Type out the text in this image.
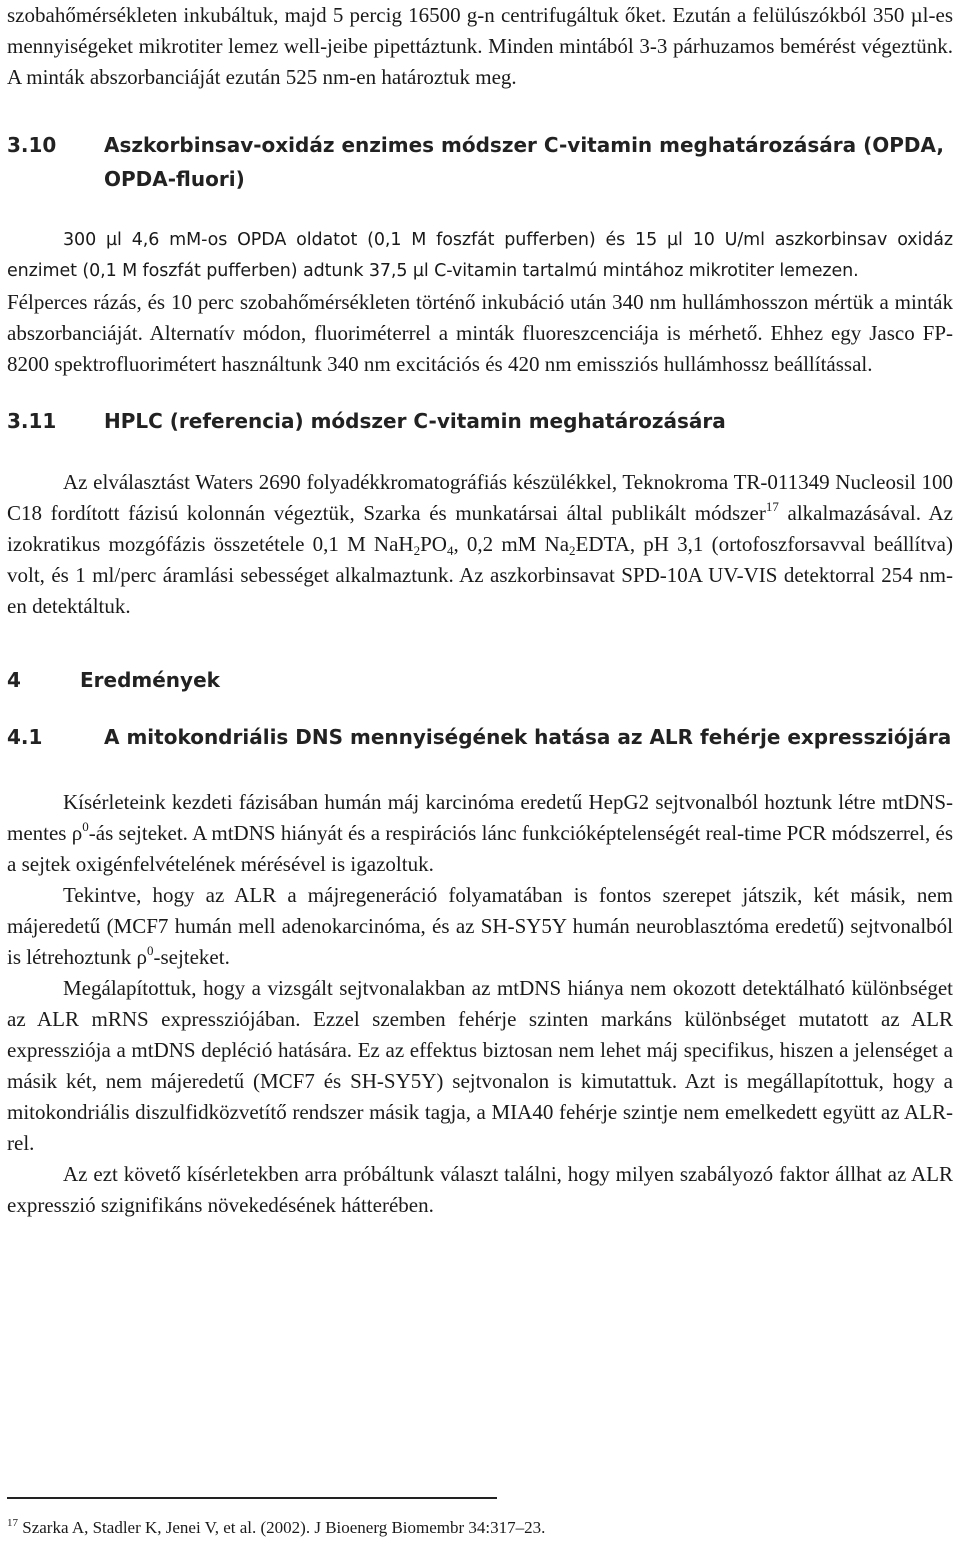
szobahőmérsékleten inkubáltuk, majd 5 percig 16500 g-n centrifugáltuk őket. Ezután a felülúszókból 350 µl-es mennyiségeket mikrotiter lemez well-jeibe pipettáztunk. Minden mintából 3-3 párhuzamos bemérést végeztünk. A minták abszorbanciáját ezután 525 nm-en határoztuk meg.

3.10	Aszkorbinsav-oxidáz enzimes módszer C-vitamin meghatározására (OPDA, OPDA-fluori)

300 µl 4,6 mM-os OPDA oldatot (0,1 M foszfát pufferben) és 15 µl 10 U/ml aszkorbinsav oxidáz enzimet (0,1 M foszfát pufferben) adtunk 37,5 µl C-vitamin tartalmú mintához mikrotiter lemezen.

Félperces rázás, és 10 perc szobahőmérsékleten történő inkubáció után 340 nm hullámhosszon mértük a minták abszorbanciáját. Alternatív módon, fluoriméterrel a minták fluoreszcenciája is mérhető. Ehhez egy Jasco FP-8200 spektrofluorimétert használtunk 340 nm excitációs és 420 nm emissziós hullámhossz beállítással.

3.11	HPLC (referencia) módszer C-vitamin meghatározására

Az elválasztást Waters 2690 folyadékkromatográfiás készülékkel, Teknokroma TR-011349 Nucleosil 100 C18 fordított fázisú kolonnán végeztük, Szarka és munkatársai által publikált módszer$^{17}$ alkalmazásával. Az izokratikus mozgófázis összetétele 0,1 M $NaH_2PO_4$, 0,2 mM $Na_2EDTA$, pH 3,1 (ortofoszforsavval beállítva) volt, és 1 ml/perc áramlási sebességet alkalmaztunk. Az aszkorbinsavat SPD-10A UV-VIS detektorral 254 nm-en detektáltuk.

4	Eredmények
4.1	A mitokondriális DNS mennyiségének hatása az ALR fehérje expressziójára

Kísérleteink kezdeti fázisában humán máj karcinóma eredetű HepG2 sejtvonalból hoztunk létre mtDNS-mentes $\rho^0-ás$ sejteket. A mtDNS hiányát és a respirációs lánc funkcióképtelenségét real-time PCR módszerrel, és a sejtek oxigénfelvételének mérésével is igazoltuk.

Tekintve, hogy az ALR a májregeneráció folyamatában is fontos szerepet játszik, két másik, nem májeredetű (MCF7 humán mell adenokarcinóma, és az SH-SY5Y humán neuroblasztóma eredetű) sejtvonalból is létrehoztunk $\rho^0$-sejteket.

Megálapítottuk, hogy a vizsgált sejtvonalakban az mtDNS hiánya nem okozott detektálható különbséget az ALR mRNS expressziójában. Ezzel szemben fehérje szinten markáns különbséget mutatott az ALR expressziója a mtDNS depléció hatására. Ez az effektus biztosan nem lehet máj specifikus, hiszen a jelenséget a másik két, nem májeredetű (MCF7 és SH-SY5Y) sejtvonalon is kimutattuk. Azt is megállapítottuk, hogy a mitokondriális diszulfidközvetítő rendszer másik tagja, a MIA40 fehérje szintje nem emelkedett együtt az ALR-rel.

Az ezt követő kísérletekben arra próbáltunk választ találni, hogy milyen szabályozó faktor állhat az ALR expresszió szignifikáns növekedésének hátterében.

$^{17}$ Szarka A, Stadler K, Jenei V, et al. (2002). J Bioenerg Biomembr 34:317–23.
